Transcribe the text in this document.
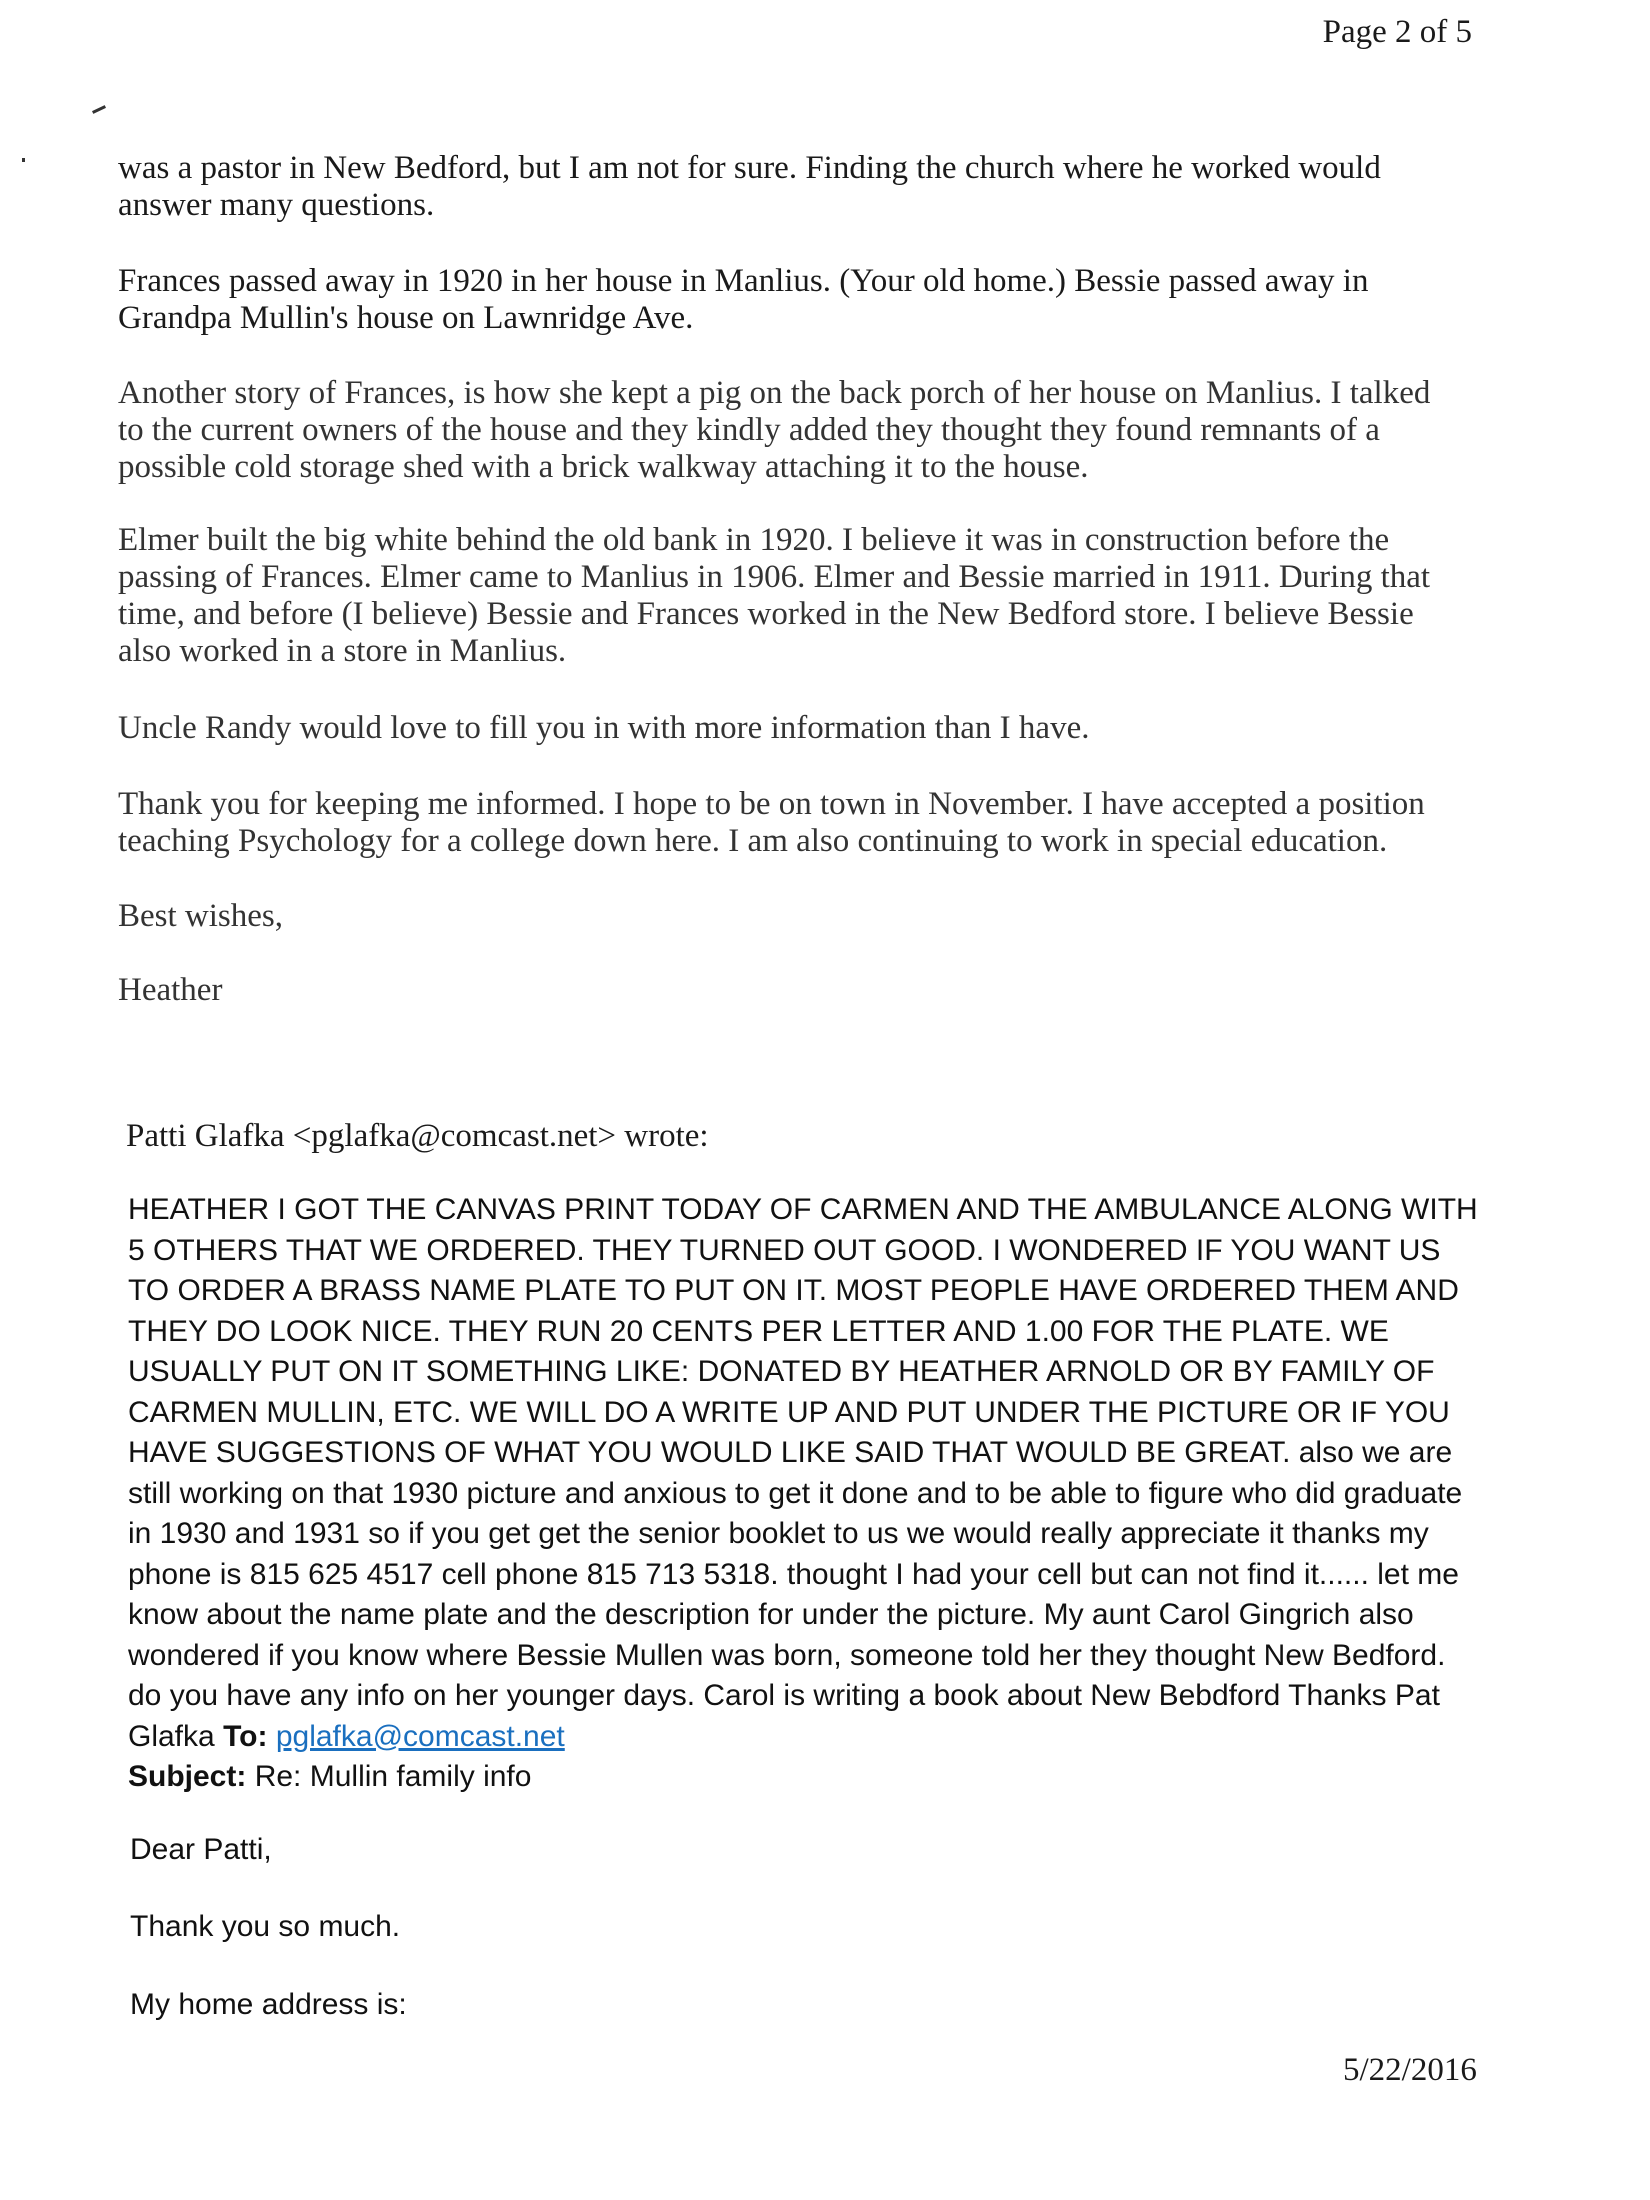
Page 2 of 5

was a pastor in New Bedford, but I am not for sure. Finding the church where he worked would answer many questions.

Frances passed away in 1920 in her house in Manlius. (Your old home.) Bessie passed away in Grandpa Mullin's house on Lawnridge Ave.

Another story of Frances, is how she kept a pig on the back porch of her house on Manlius. I talked to the current owners of the house and they kindly added they thought they found remnants of a possible cold storage shed with a brick walkway attaching it to the house.

Elmer built the big white behind the old bank in 1920. I believe it was in construction before the passing of Frances. Elmer came to Manlius in 1906. Elmer and Bessie married in 1911. During that time, and before (I believe) Bessie and Frances worked in the New Bedford store. I believe Bessie also worked in a store in Manlius.

Uncle Randy would love to fill you in with more information than I have.

Thank you for keeping me informed. I hope to be on town in November. I have accepted a position teaching Psychology for a college down here. I am also continuing to work in special education.

Best wishes,

Heather

Patti Glafka <pglafka@comcast.net> wrote:

HEATHER I GOT THE CANVAS PRINT TODAY OF CARMEN AND THE AMBULANCE ALONG WITH 5 OTHERS THAT WE ORDERED. THEY TURNED OUT GOOD. I WONDERED IF YOU WANT US TO ORDER A BRASS NAME PLATE TO PUT ON IT. MOST PEOPLE HAVE ORDERED THEM AND THEY DO LOOK NICE. THEY RUN 20 CENTS PER LETTER AND 1.00 FOR THE PLATE. WE USUALLY PUT ON IT SOMETHING LIKE: DONATED BY HEATHER ARNOLD OR BY FAMILY OF CARMEN MULLIN, ETC. WE WILL DO A WRITE UP AND PUT UNDER THE PICTURE OR IF YOU HAVE SUGGESTIONS OF WHAT YOU WOULD LIKE SAID THAT WOULD BE GREAT. also we are still working on that 1930 picture and anxious to get it done and to be able to figure who did graduate in 1930 and 1931 so if you get get the senior booklet to us we would really appreciate it thanks my phone is 815 625 4517 cell phone 815 713 5318. thought I had your cell but can not find it...... let me know about the name plate and the description for under the picture. My aunt Carol Gingrich also wondered if you know where Bessie Mullen was born, someone told her they thought New Bedford. do you have any info on her younger days. Carol is writing a book about New Bebdford Thanks Pat Glafka To: pglafka@comcast.net
Subject: Re: Mullin family info
Dear Patti,
Thank you so much.
My home address is:
5/22/2016
